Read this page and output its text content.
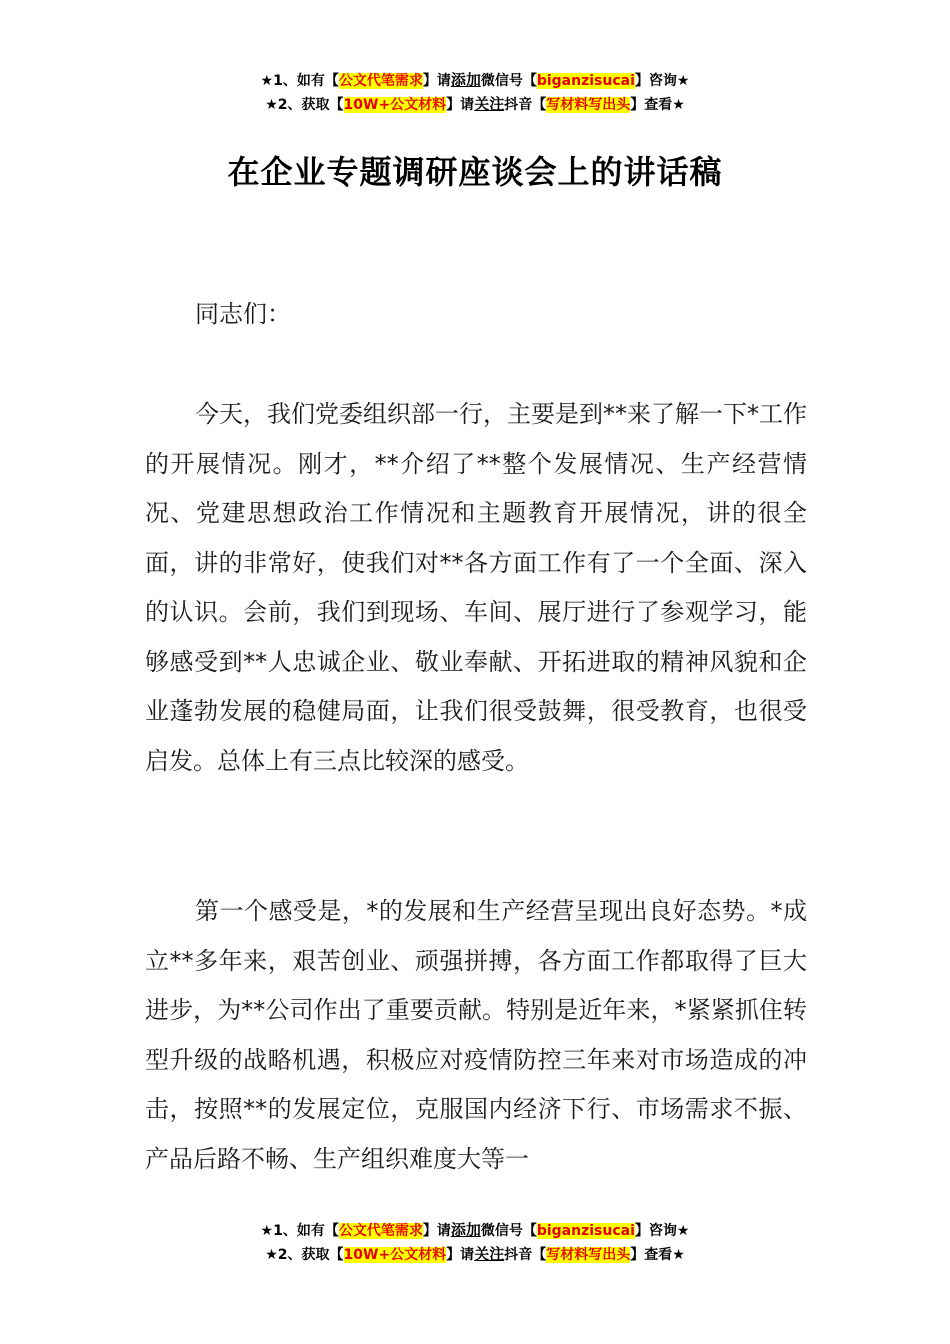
★1、如有【公文代笔需求】请添加微信号【biganzisucai】咨询★
★2、获取【10W+公文材料】请关注抖音【写材料写出头】查看★
在企业专题调研座谈会上的讲话稿

同志们：

今天，我们党委组织部一行，主要是到**来了解一下*工作的开展情况。刚才，**介绍了**整个发展情况、生产经营情况、党建思想政治工作情况和主题教育开展情况，讲的很全面，讲的非常好，使我们对**各方面工作有了一个全面、深入的认识。会前，我们到现场、车间、展厅进行了参观学习，能够感受到**人忠诚企业、敬业奉献、开拓进取的精神风貌和企业蓬勃发展的稳健局面，让我们很受鼓舞，很受教育，也很受启发。总体上有三点比较深的感受。

第一个感受是，*的发展和生产经营呈现出良好态势。*成立**多年来，艰苦创业、顽强拼搏，各方面工作都取得了巨大进步，为**公司作出了重要贡献。特别是近年来，*紧紧抓住转型升级的战略机遇，积极应对疫情防控三年来对市场造成的冲击，按照**的发展定位，克服国内经济下行、市场需求不振、产品后路不畅、生产组织难度大等一

★1、如有【公文代笔需求】请添加微信号【biganzisucai】咨询★
★2、获取【10W+公文材料】请关注抖音【写材料写出头】查看★
